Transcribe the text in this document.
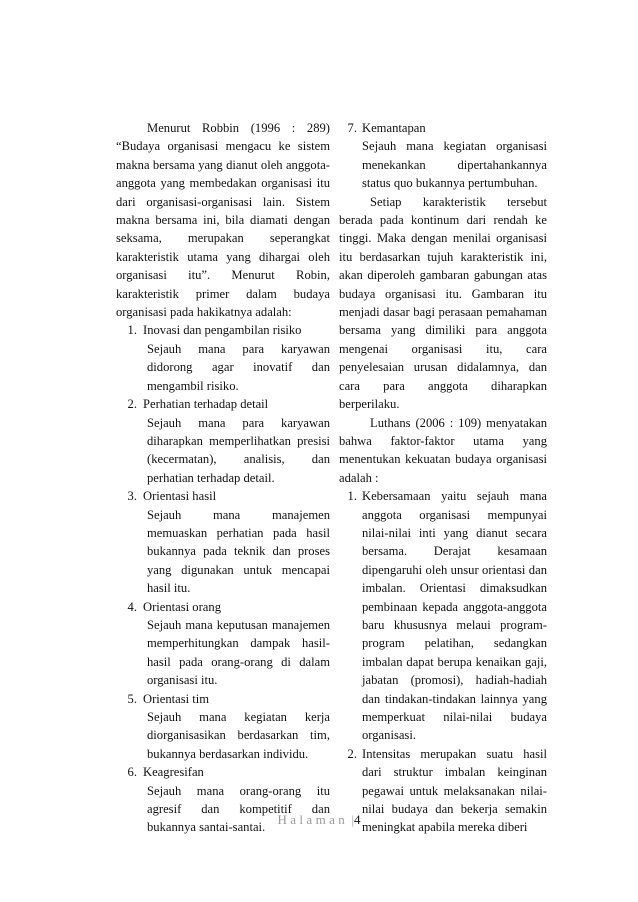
Menurut Robbin (1996 : 289) “Budaya organisasi mengacu ke sistem makna bersama yang dianut oleh anggota-anggota yang membedakan organisasi itu dari organisasi-organisasi lain. Sistem makna bersama ini, bila diamati dengan seksama, merupakan seperangkat karakteristik utama yang dihargai oleh organisasi itu”. Menurut Robin, karakteristik primer dalam budaya organisasi pada hakikatnya adalah:

1. Inovasi dan pengambilan risiko

Sejauh mana para karyawan didorong agar inovatif dan mengambil risiko.

2. Perhatian terhadap detail

Sejauh mana para karyawan diharapkan memperlihatkan presisi (kecermatan), analisis, dan perhatian terhadap detail.

3. Orientasi hasil

Sejauh mana manajemen memuaskan perhatian pada hasil bukannya pada teknik dan proses yang digunakan untuk mencapai hasil itu.

4. Orientasi orang

Sejauh mana keputusan manajemen memperhitungkan dampak hasil-hasil pada orang-orang di dalam organisasi itu.

5. Orientasi tim

Sejauh mana kegiatan kerja diorganisasikan berdasarkan tim, bukannya berdasarkan individu.

6. Keagresifan

Sejauh mana orang-orang itu agresif dan kompetitif dan bukannya santai-santai.

7. Kemantapan

Sejauh mana kegiatan organisasi menekankan dipertahankannya status quo bukannya pertumbuhan.

Setiap karakteristik tersebut berada pada kontinum dari rendah ke tinggi. Maka dengan menilai organisasi itu berdasarkan tujuh karakteristik ini, akan diperoleh gambaran gabungan atas budaya organisasi itu. Gambaran itu menjadi dasar bagi perasaan pemahaman bersama yang dimiliki para anggota mengenai organisasi itu, cara penyelesaian urusan didalamnya, dan cara para anggota diharapkan berperilaku.

Luthans (2006 : 109) menyatakan bahwa faktor-faktor utama yang menentukan kekuatan budaya organisasi adalah :

1. Kebersamaan yaitu sejauh mana anggota organisasi mempunyai nilai-nilai inti yang dianut secara bersama. Derajat kesamaan dipengaruhi oleh unsur orientasi dan imbalan. Orientasi dimaksudkan pembinaan kepada anggota-anggota baru khususnya melaui program-program pelatihan, sedangkan imbalan dapat berupa kenaikan gaji, jabatan (promosi), hadiah-hadiah dan tindakan-tindakan lainnya yang memperkuat nilai-nilai budaya organisasi.
2. Intensitas merupakan suatu hasil dari struktur imbalan keinginan pegawai untuk melaksanakan nilai-nilai budaya dan bekerja semakin meningkat apabila mereka diberi
Halaman |4
